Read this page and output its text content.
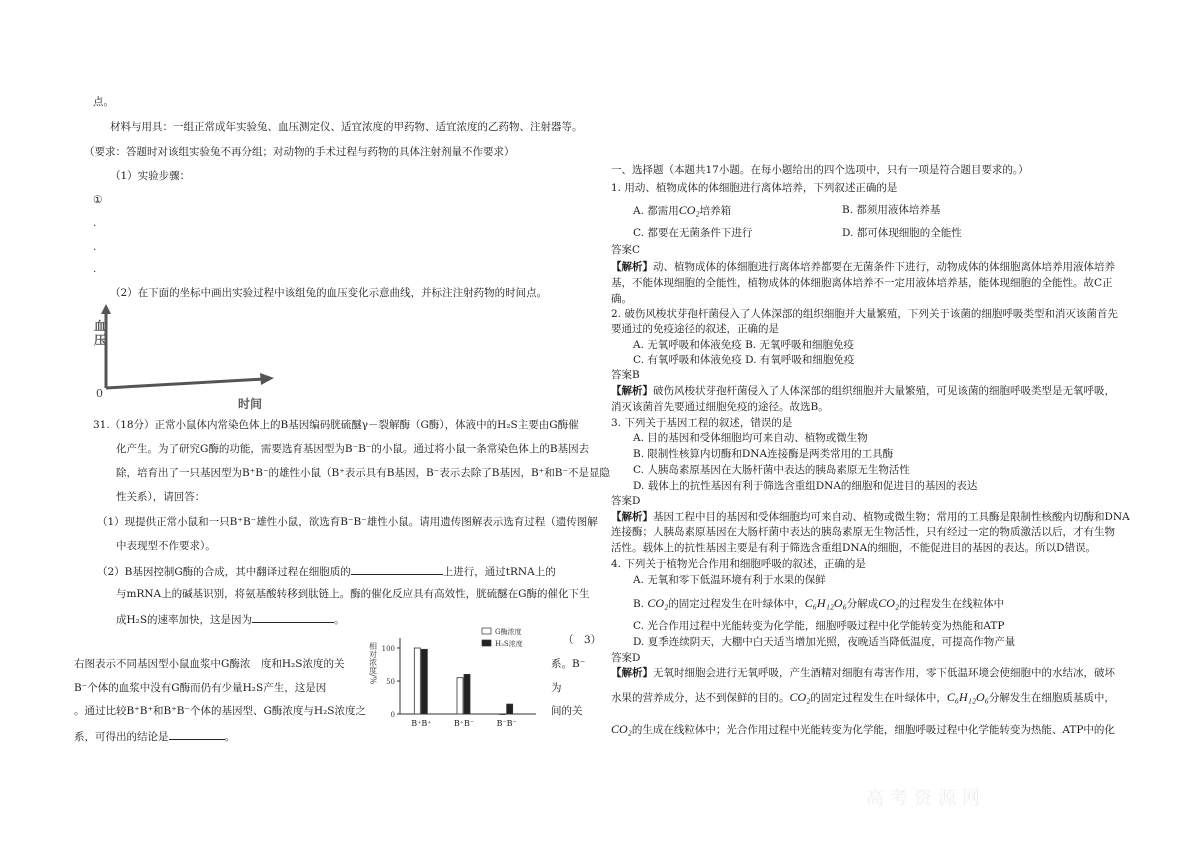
点。
材料与用具：一组正常成年实验兔、血压测定仪、适宜浓度的甲药物、适宜浓度的乙药物、注射器等。
（要求：答题时对该组实验兔不再分组；对动物的手术过程与药物的具体注射剂量不作要求）
（1）实验步骤：
①
.
.
.
（2）在下面的坐标中画出实验过程中该组兔的血压变化示意曲线，并标注注射药物的时间点。
血
压
0
时间
31.（18分）正常小鼠体内常染色体上的B基因编码胱硫醚γ－裂解酶（G酶），体液中的H₂S主要由G酶催
化产生。为了研究G酶的功能，需要选育基因型为B⁻B⁻的小鼠。通过将小鼠一条常染色体上的B基因去
除，培育出了一只基因型为B⁺B⁻的雄性小鼠（B⁺表示具有B基因，B⁻表示去除了B基因，B⁺和B⁻不是显隐
性关系），请回答：
（1）现提供正常小鼠和一只B⁺B⁻雄性小鼠，欲选育B⁻B⁻雄性小鼠。请用遗传图解表示选育过程（遗传图解
中表现型不作要求）。
（2）B基因控制G酶的合成，其中翻译过程在细胞质的	上进行，通过tRNA上的
与mRNA上的碱基识别，将氨基酸转移到肽链上。酶的催化反应具有高效性，胱硫醚在G酶的催化下生
成H₂S的速率加快，这是因为	。
右图表示不同基因型小鼠血浆中G酶浓　度和H₂S浓度的关
（　3）
系。B⁻
B⁻个体的血浆中没有G酶而仍有少量H₂S产生，这是因	为
。通过比较B⁺B⁺和B⁺B⁻个体的基因型、G酶浓度与H₂S浓度之	间的关
系，可得出的结论是	。
相对浓度/%
0
50
100
G酶浓度
H₂S浓度
B⁺B⁺	B⁺B⁻	B⁻B⁻
一、选择题（本题共17小题。在每小题给出的四个选项中，只有一项是符合题目要求的。）
1. 用动、植物成体的体细胞进行离体培养，下列叙述正确的是
A. 都需用CO₂培养箱	B. 都须用液体培养基
C. 都要在无菌条件下进行	D. 都可体现细胞的全能性
答案C
【解析】动、植物成体的体细胞进行离体培养都要在无菌条件下进行，动物成体的体细胞离体培养用液体培养
基，不能体现细胞的全能性，植物成体的体细胞离体培养不一定用液体培养基，能体现细胞的全能性。故C正
确。
2. 破伤风梭状芽孢杆菌侵入了人体深部的组织细胞并大量繁殖，下列关于该菌的细胞呼吸类型和消灭该菌首先
要通过的免疫途径的叙述，正确的是
A. 无氧呼吸和体液免疫 B. 无氧呼吸和细胞免疫
C. 有氧呼吸和体液免疫 D. 有氧呼吸和细胞免疫
答案B
【解析】破伤风梭状芽孢杆菌侵入了人体深部的组织细胞并大量繁殖，可见该菌的细胞呼吸类型是无氧呼吸，
消灭该菌首先要通过细胞免疫的途径。故选B。
3. 下列关于基因工程的叙述，错误的是
A. 目的基因和受体细胞均可来自动、植物或微生物
B. 限制性核算内切酶和DNA连接酶是两类常用的工具酶
C. 人胰岛素原基因在大肠杆菌中表达的胰岛素原无生物活性
D. 载体上的抗性基因有利于筛选含重组DNA的细胞和促进目的基因的表达
答案D
【解析】基因工程中目的基因和受体细胞均可来自动、植物或微生物；常用的工具酶是限制性核酸内切酶和DNA
连接酶；人胰岛素原基因在大肠杆菌中表达的胰岛素原无生物活性，只有经过一定的物质激活以后，才有生物
活性。载体上的抗性基因主要是有利于筛选含重组DNA的细胞，不能促进目的基因的表达。所以D错误。
4. 下列关于植物光合作用和细胞呼吸的叙述，正确的是
A. 无氧和零下低温环境有利于水果的保鲜
B. CO₂的固定过程发生在叶绿体中，C₆H₁₂O₆分解成CO₂的过程发生在线粒体中
C. 光合作用过程中光能转变为化学能，细胞呼吸过程中化学能转变为热能和ATP
D. 夏季连续阴天，大棚中白天适当增加光照，夜晚适当降低温度，可提高作物产量
答案D
【解析】无氧时细胞会进行无氧呼吸，产生酒精对细胞有毒害作用，零下低温环境会使细胞中的水结冰，破坏
水果的营养成分，达不到保鲜的目的。CO₂的固定过程发生在叶绿体中，C₆H₁₂O₆分解发生在细胞质基质中，
CO₂的生成在线粒体中；光合作用过程中光能转变为化学能，细胞呼吸过程中化学能转变为热能、ATP中的化
高考资源网
